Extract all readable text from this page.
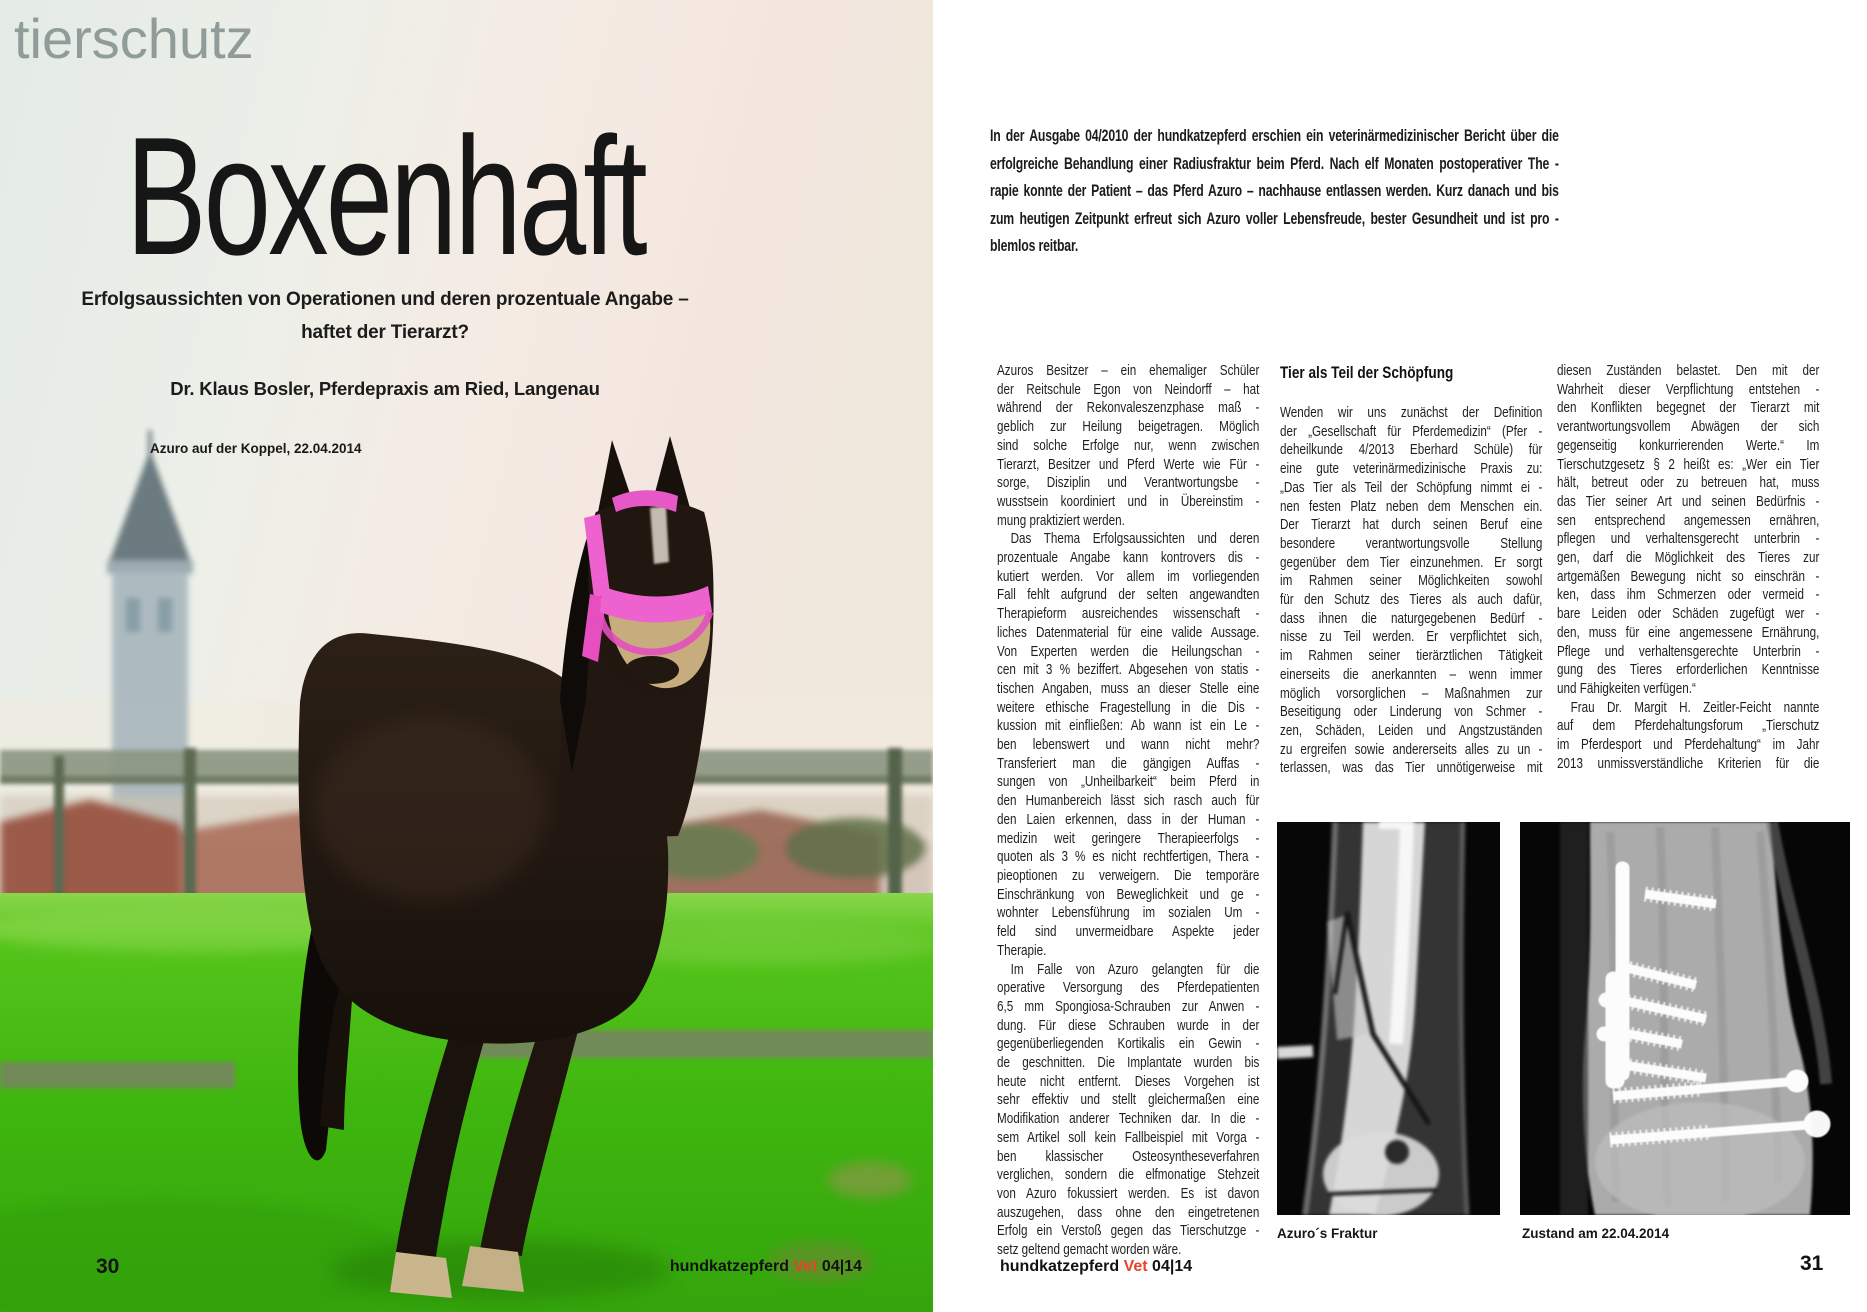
tierschutz
Boxenhaft
Erfolgsaussichten von Operationen und deren prozentuale Angabe –
haftet der Tierarzt?
Dr. Klaus Bosler, Pferdepraxis am Ried, Langenau
Azuro auf der Koppel, 22.04.2014
30	hundkatzepferd Vet 04|14
In der Ausgabe 04/2010 der hundkatzepferd erschien ein veterinärmedizinischer Bericht über die
erfolgreiche Behandlung einer Radiusfraktur beim Pferd. Nach elf Monaten postoperativer The -
rapie konnte der Patient – das Pferd Azuro – nachhause entlassen werden. Kurz danach und bis
zum heutigen Zeitpunkt erfreut sich Azuro voller Lebensfreude, bester Gesundheit und ist pro -
blemlos reitbar.
Azuros Besitzer – ein ehemaliger Schüler
der Reitschule Egon von Neindorff – hat
während der Rekonvaleszenzphase maß -
geblich zur Heilung beigetragen. Möglich
sind solche Erfolge nur, wenn zwischen
Tierarzt, Besitzer und Pferd Werte wie Für -
sorge, Disziplin und Verantwortungsbe -
wusstsein koordiniert und in Übereinstim -
mung praktiziert werden.
Das Thema Erfolgsaussichten und deren
prozentuale Angabe kann kontrovers dis -
kutiert werden. Vor allem im vorliegenden
Fall fehlt aufgrund der selten angewandten
Therapieform ausreichendes wissenschaft -
liches Datenmaterial für eine valide Aussage.
Von Experten werden die Heilungschan -
cen mit 3 % beziffert. Abgesehen von statis -
tischen Angaben, muss an dieser Stelle eine
weitere ethische Fragestellung in die Dis -
kussion mit einfließen: Ab wann ist ein Le -
ben lebenswert und wann nicht mehr?
Transferiert man die gängigen Auffas -
sungen von „Unheilbarkeit“ beim Pferd in
den Humanbereich lässt sich rasch auch für
den Laien erkennen, dass in der Human -
medizin weit geringere Therapieerfolgs -
quoten als 3 % es nicht rechtfertigen, Thera -
pieoptionen zu verweigern. Die temporäre
Einschränkung von Beweglichkeit und ge -
wohnter Lebensführung im sozialen Um -
feld sind unvermeidbare Aspekte jeder
Therapie.
Im Falle von Azuro gelangten für die
operative Versorgung des Pferdepatienten
6,5 mm Spongiosa-Schrauben zur Anwen -
dung. Für diese Schrauben wurde in der
gegenüberliegenden Kortikalis ein Gewin -
de geschnitten. Die Implantate wurden bis
heute nicht entfernt. Dieses Vorgehen ist
sehr effektiv und stellt gleichermaßen eine
Modifikation anderer Techniken dar. In die -
sem Artikel soll kein Fallbeispiel mit Vorga -
ben klassischer Osteosyntheseverfahren
verglichen, sondern die elfmonatige Stehzeit
von Azuro fokussiert werden. Es ist davon
auszugehen, dass ohne den eingetretenen
Erfolg ein Verstoß gegen das Tierschutzge -
setz geltend gemacht worden wäre.
Tier als Teil der Schöpfung
Wenden wir uns zunächst der Definition
der „Gesellschaft für Pferdemedizin“ (Pfer -
deheilkunde 4/2013 Eberhard Schüle) für
eine gute veterinärmedizinische Praxis zu:
„Das Tier als Teil der Schöpfung nimmt ei -
nen festen Platz neben dem Menschen ein.
Der Tierarzt hat durch seinen Beruf eine
besondere verantwortungsvolle Stellung
gegenüber dem Tier einzunehmen. Er sorgt
im Rahmen seiner Möglichkeiten sowohl
für den Schutz des Tieres als auch dafür,
dass ihnen die naturgegebenen Bedürf -
nisse zu Teil werden. Er verpflichtet sich,
im Rahmen seiner tierärztlichen Tätigkeit
einerseits die anerkannten – wenn immer
möglich vorsorglichen – Maßnahmen zur
Beseitigung oder Linderung von Schmer -
zen, Schäden, Leiden und Angstzuständen
zu ergreifen sowie andererseits alles zu un -
terlassen, was das Tier unnötigerweise mit
diesen Zuständen belastet. Den mit der
Wahrheit dieser Verpflichtung entstehen -
den Konflikten begegnet der Tierarzt mit
verantwortungsvollem Abwägen der sich
gegenseitig konkurrierenden Werte.“ Im
Tierschutzgesetz § 2 heißt es: „Wer ein Tier
hält, betreut oder zu betreuen hat, muss
das Tier seiner Art und seinen Bedürfnis -
sen entsprechend angemessen ernähren,
pflegen und verhaltensgerecht unterbrin -
gen, darf die Möglichkeit des Tieres zur
artgemäßen Bewegung nicht so einschrän -
ken, dass ihm Schmerzen oder vermeid -
bare Leiden oder Schäden zugefügt wer -
den, muss für eine angemessene Ernährung,
Pflege und verhaltensgerechte Unterbrin -
gung des Tieres erforderlichen Kenntnisse
und Fähigkeiten verfügen.“
Frau Dr. Margit H. Zeitler-Feicht nannte
auf dem Pferdehaltungsforum „Tierschutz
im Pferdesport und Pferdehaltung“ im Jahr
2013 unmissverständliche Kriterien für die
Azuro´s Fraktur	Zustand am 22.04.2014
hundkatzepferd Vet 04|14	31
